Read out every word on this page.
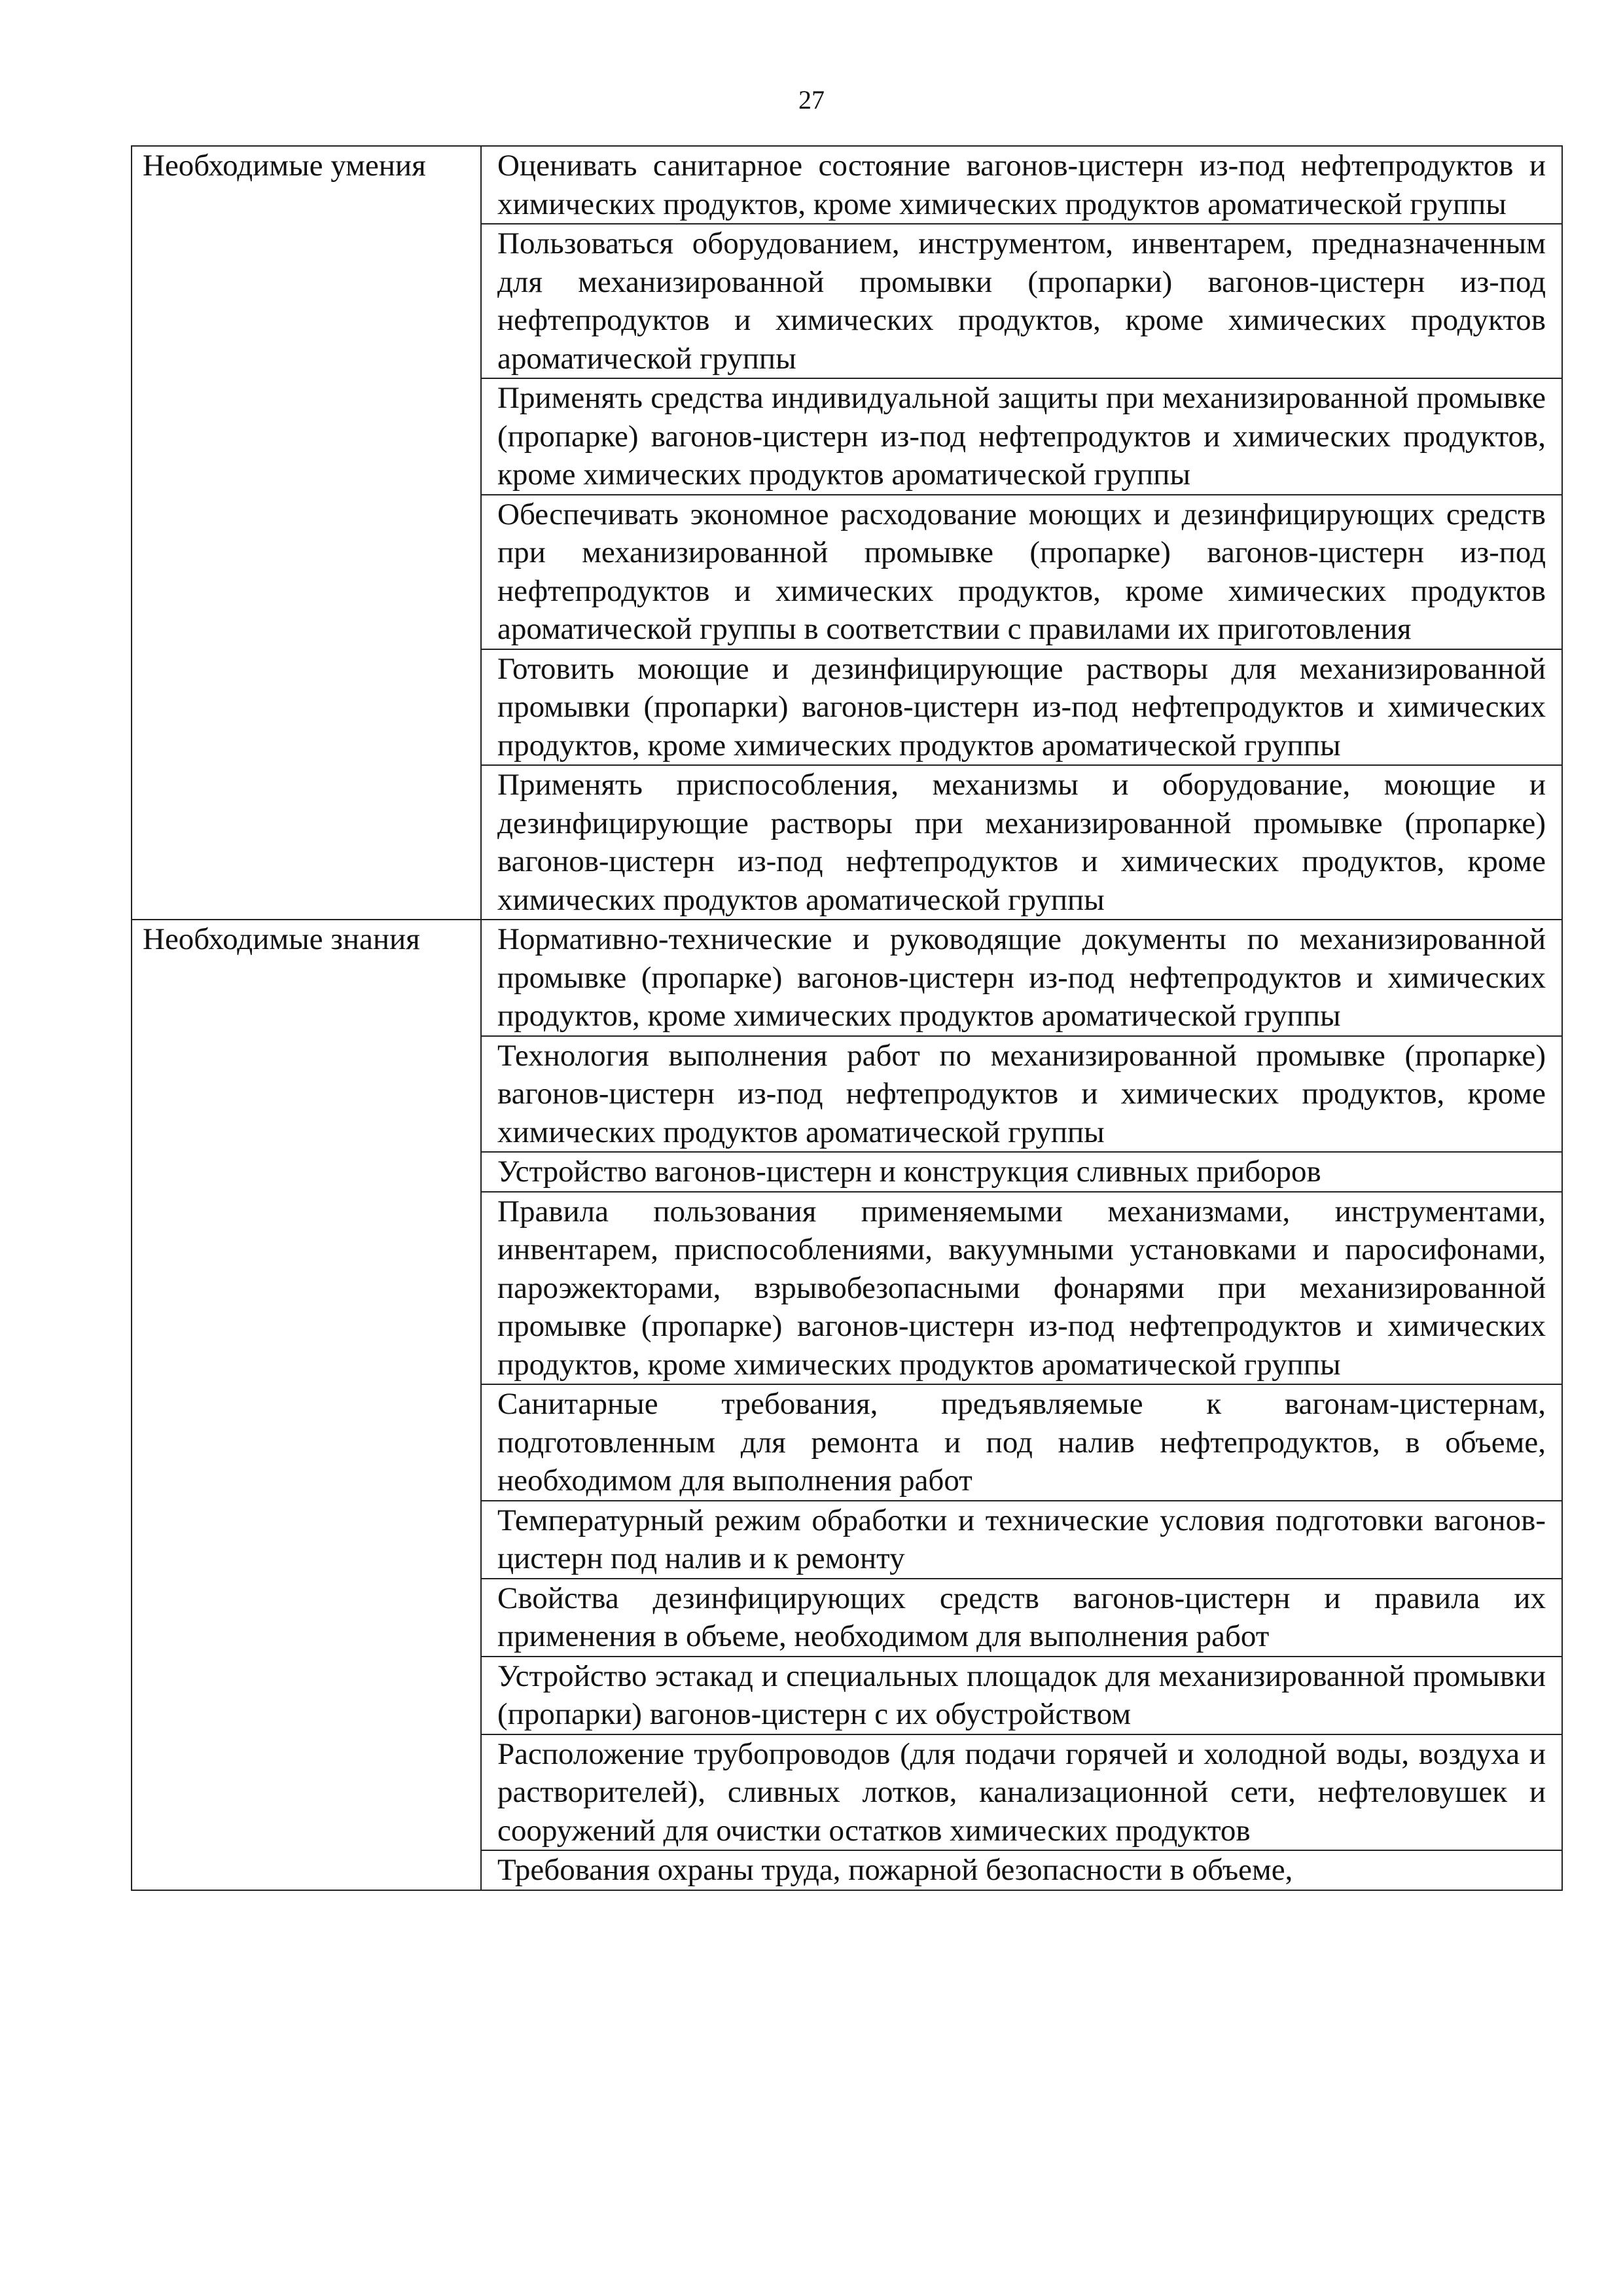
27
Необходимые умения	Оценивать санитарное состояние вагонов-цистерн из-под нефтепродуктов и химических продуктов, кроме химических продуктов ароматической группы
	Пользоваться оборудованием, инструментом, инвентарем, предназначенным для механизированной промывки (пропарки) вагонов-цистерн из-под нефтепродуктов и химических продуктов, кроме химических продуктов ароматической группы
	Применять средства индивидуальной защиты при механизированной промывке (пропарке) вагонов-цистерн из-под нефтепродуктов и химических продуктов, кроме химических продуктов ароматической группы
	Обеспечивать экономное расходование моющих и дезинфицирующих средств при механизированной промывке (пропарке) вагонов-цистерн из-под нефтепродуктов и химических продуктов, кроме химических продуктов ароматической группы в соответствии с правилами их приготовления
	Готовить моющие и дезинфицирующие растворы для механизированной промывки (пропарки) вагонов-цистерн из-под нефтепродуктов и химических продуктов, кроме химических продуктов ароматической группы
	Применять приспособления, механизмы и оборудование, моющие и дезинфицирующие растворы при механизированной промывке (пропарке) вагонов-цистерн из-под нефтепродуктов и химических продуктов, кроме химических продуктов ароматической группы
Необходимые знания	Нормативно-технические и руководящие документы по механизированной промывке (пропарке) вагонов-цистерн из-под нефтепродуктов и химических продуктов, кроме химических продуктов ароматической группы
	Технология выполнения работ по механизированной промывке (пропарке) вагонов-цистерн из-под нефтепродуктов и химических продуктов, кроме химических продуктов ароматической группы
	Устройство вагонов-цистерн и конструкция сливных приборов
	Правила пользования применяемыми механизмами, инструментами, инвентарем, приспособлениями, вакуумными установками и паросифонами, пароэжекторами, взрывобезопасными фонарями при механизированной промывке (пропарке) вагонов-цистерн из-под нефтепродуктов и химических продуктов, кроме химических продуктов ароматической группы
	Санитарные требования, предъявляемые к вагонам-цистернам, подготовленным для ремонта и под налив нефтепродуктов, в объеме, необходимом для выполнения работ
	Температурный режим обработки и технические условия подготовки вагонов-цистерн под налив и к ремонту
	Свойства дезинфицирующих средств вагонов-цистерн и правила их применения в объеме, необходимом для выполнения работ
	Устройство эстакад и специальных площадок для механизированной промывки (пропарки) вагонов-цистерн с их обустройством
	Расположение трубопроводов (для подачи горячей и холодной воды, воздуха и растворителей), сливных лотков, канализационной сети, нефтеловушек и сооружений для очистки остатков химических продуктов
	Требования охраны труда, пожарной безопасности в объеме,
